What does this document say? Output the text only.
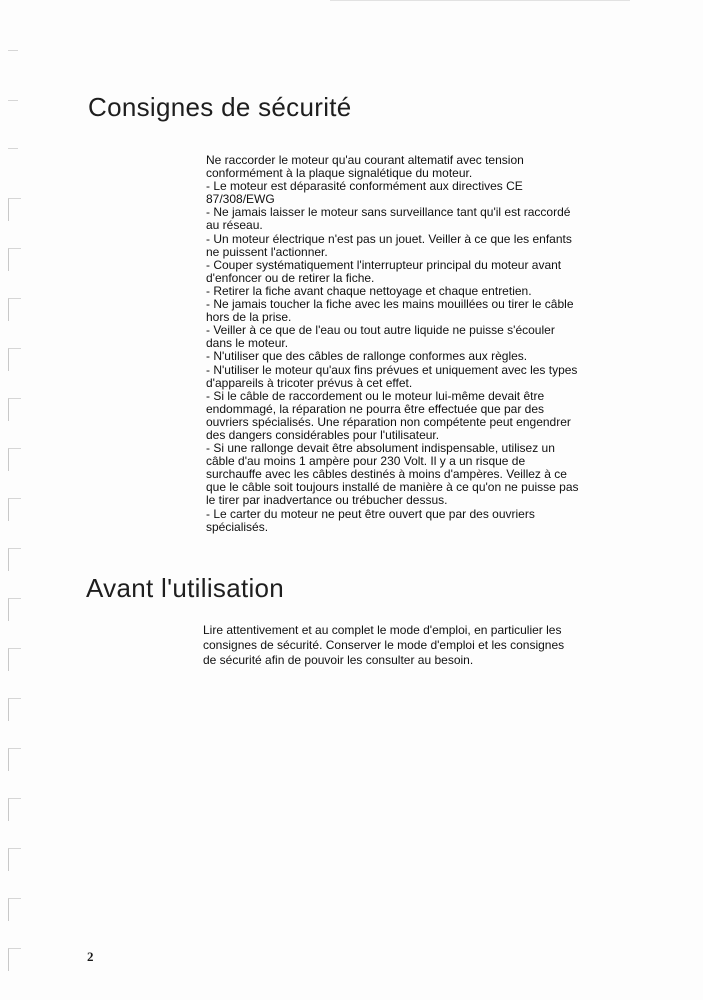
Consignes de sécurité
Ne raccorder le moteur qu'au courant altematif avec tension
conformément à la plaque signalétique du moteur.
- Le moteur est déparasité conformément aux directives CE
87/308/EWG
- Ne jamais laisser le moteur sans surveillance tant qu'il est raccordé
au réseau.
- Un moteur électrique n'est pas un jouet. Veiller à ce que les enfants
ne puissent l'actionner.
- Couper systématiquement l'interrupteur principal du moteur avant
d'enfoncer ou de retirer la fiche.
- Retirer la fiche avant chaque nettoyage et chaque entretien.
- Ne jamais toucher la fiche avec les mains mouillées ou tirer le câble
hors de la prise.
- Veiller à ce que de l'eau ou tout autre liquide ne puisse s'écouler
dans le moteur.
- N'utiliser que des câbles de rallonge conformes aux règles.
- N'utiliser le moteur qu'aux fins prévues et uniquement avec les types
d'appareils à tricoter prévus à cet effet.
- Si le câble de raccordement ou le moteur lui-même devait être
endommagé, la réparation ne pourra être effectuée que par des
ouvriers spécialisés. Une réparation non compétente peut engendrer
des dangers considérables pour l'utilisateur.
- Si une rallonge devait être absolument indispensable, utilisez un
câble d'au moins 1 ampère pour 230 Volt. Il y a un risque de
surchauffe avec les câbles destinés à moins d'ampères. Veillez à ce
que le câble soit toujours installé de manière à ce qu'on ne puisse pas
le tirer par inadvertance ou trébucher dessus.
- Le carter du moteur ne peut être ouvert que par des ouvriers
spécialisés.
Avant l'utilisation
Lire attentivement et au complet le mode d'emploi, en particulier les
consignes de sécurité. Conserver le mode d'emploi et les consignes
de sécurité afin de pouvoir les consulter au besoin.
2
